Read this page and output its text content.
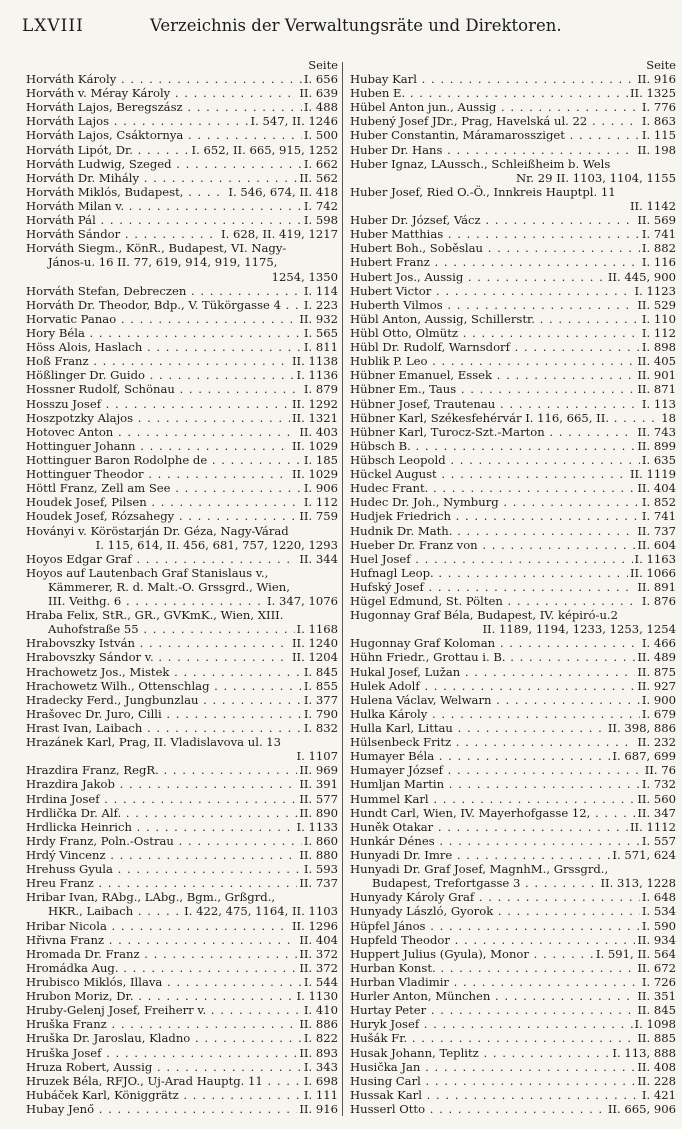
LXVIII	Verzeichnis der Verwaltungsräte und Direktoren.
Seite
Horváth Károly . . .	I. 656
Horváth v. Méray Károly . . .	II. 639
Horváth Lajos, Beregszász . . .	I. 488
Horváth Lajos . . .	I. 547, II. 1246
Horváth Lajos, Csáktornya . . .	I. 500
Horváth Lipót, Dr. . . .	I. 652, II. 665, 915, 1252
Horváth Ludwig, Szeged . . .	I. 662
Horváth Dr. Mihály . . .	II. 562
Horváth Miklós, Budapest, . . .	I. 546, 674, II. 418
Horváth Milan v. . . .	I. 742
Horváth Pál . . .	I. 598
Horváth Sándor . . .	I. 628, II. 419, 1217
Horváth Siegm., KönR., Budapest, VI. Nagy-
János-u. 16 II. 77, 619, 914, 919, 1175,
1254, 1350
Horváth Stefan, Debreczen . . .	I. 114
Horváth Dr. Theodor, Bdp., V. Tükörgasse 4 . . .	I. 223
Horvatic Panao . . .	II. 932
Hory Béla . . .	I. 565
Höss Alois, Haslach . . .	I. 811
Hoß Franz . . .	II. 1138
Hößlinger Dr. Guido . . .	I. 1136
Hossner Rudolf, Schönau . . .	I. 879
Hosszu Josef . . .	II. 1292
Hoszpotzky Alajos . . .	II. 1321
Hotovec Anton . . .	II. 403
Hottinguer Johann . . .	II. 1029
Hottinguer Baron Rodolphe de . . .	I. 185
Hottinguer Theodor . . .	II. 1029
Höttl Franz, Zell am See . . .	I. 906
Houdek Josef, Pilsen . . .	I. 112
Houdek Josef, Rózsahegy . . .	II. 759
Hoványi v. Köröstarján Dr. Géza, Nagy-Várad
I. 115, 614, II. 456, 681, 757, 1220, 1293
Hoyos Edgar Graf . . .	II. 344
Hoyos auf Lautenbach Graf Stanislaus v.,
Kämmerer, R. d. Malt.-O. Grssgrd., Wien,
III. Veithg. 6 . . .	I. 347, 1076
Hraba Felix, StR., GR., GVKmK., Wien, XIII.
Auhofstraße 55 . . .	I. 1168
Hrabovszky István . . .	II. 1240
Hrabovszky Sándor v. . . .	II. 1204
Hrachowetz Jos., Mistek . . .	I. 845
Hrachowetz Wilh., Ottenschlag . . .	I. 855
Hradecky Ferd., Jungbunzlau . . .	I. 377
Hrašovec Dr. Juro, Cilli . . .	I. 790
Hrast Ivan, Laibach . . .	I. 832
Hrazánek Karl, Prag, II. Vladislavova ul. 13
I. 1107
Hrazdira Franz, RegR. . . .	II. 969
Hrazdira Jakob . . .	II. 391
Hrdina Josef . . .	II. 577
Hrdlička Dr. Alf. . . .	II. 890
Hrdlicka Heinrich . . .	I. 1133
Hrdy Franz, Poln.-Ostrau . . .	I. 860
Hrdý Vincenz . . .	II. 880
Hrehuss Gyula . . .	I. 593
Hreu Franz . . .	II. 737
Hribar Ivan, RAbg., LAbg., Bgm., Grßgrd.,
HKR., Laibach . . .	I. 422, 475, 1164, II. 1103
Hribar Nicola . . .	II. 1296
Hřivna Franz . . .	II. 404
Hromada Dr. Franz . . .	II. 372
Hromádka Aug. . . .	II. 372
Hrubisco Miklós, Illava . . .	I. 544
Hrubon Moriz, Dr. . . .	I. 1130
Hruby-Gelenj Josef, Freiherr v. . . .	I. 410
Hruška Franz . . .	II. 886
Hruška Dr. Jaroslau, Kladno . . .	I. 822
Hruška Josef . . .	II. 893
Hruza Robert, Aussig . . .	I. 343
Hruzek Béla, RFJO., Uj-Arad Hauptg. 11 . . .	I. 698
Hubáček Karl, Königgrätz . . .	I. 111
Hubay Jenő . . .	II. 916
Seite
Hubay Karl . . .	II. 916
Huben E. . . .	II. 1325
Hübel Anton jun., Aussig . . .	I. 776
Hubený Josef JDr., Prag, Havelská ul. 22 . . .	I. 863
Huber Constantin, Máramarossziget . . .	I. 115
Huber Dr. Hans . . .	II. 198
Huber Ignaz, LAussch., Schleißheim b. Wels
Nr. 29 II. 1103, 1104, 1155
Huber Josef, Ried O.-Ö., Innkreis Hauptpl. 11
II. 1142
Huber Dr. József, Vácz . . .	II. 569
Huber Matthias . . .	I. 741
Hubert Boh., Soběslau . . .	I. 882
Hubert Franz . . .	I. 116
Hubert Jos., Aussig . . .	II. 445, 900
Hubert Victor . . .	I. 1123
Huberth Vilmos . . .	II. 529
Hübl Anton, Aussig, Schillerstr. . . .	I. 110
Hübl Otto, Olmütz . . .	I. 112
Hübl Dr. Rudolf, Warnsdorf . . .	I. 898
Hublik P. Leo . . .	II. 405
Hübner Emanuel, Essek . . .	II. 901
Hübner Em., Taus . . .	II. 871
Hübner Josef, Trautenau . . .	I. 113
Hübner Karl, Székesfehérvár I. 116, 665, II. . . .	18
Hübner Karl, Turocz-Szt.-Marton . . .	II. 743
Hübsch B. . . .	II. 899
Hübsch Leopold . . .	I. 635
Hückel August . . .	II. 1119
Hudec Frant. . . .	II. 404
Hudec Dr. Joh., Nymburg . . .	I. 852
Hudjek Friedrich . . .	I. 741
Hudnik Dr. Math. . . .	II. 737
Hueber Dr. Franz von . . .	II. 604
Huel Josef . . .	I. 1163
Hufnagl Leop. . . .	II. 1066
Hufský Josef . . .	II. 891
Hügel Edmund, St. Pölten . . .	I. 876
Hugonnay Graf Béla, Budapest, IV. képiró-u.2
II. 1189, 1194, 1233, 1253, 1254
Hugonnay Graf Koloman . . .	I. 466
Hühn Friedr., Grottau i. B. . . .	II. 489
Hukal Josef, Lužan . . .	II. 875
Hulek Adolf . . .	II. 927
Hulena Václav, Welwarn . . .	I. 900
Hulka Károly . . .	I. 679
Hulla Karl, Littau . . .	II. 398, 886
Hülsenbeck Fritz . . .	II. 232
Humayer Béla . . .	I. 687, 699
Humayer József . . .	II. 76
Humljan Martin . . .	I. 732
Hummel Karl . . .	II. 560
Hundt Carl, Wien, IV. Mayerhofgasse 12, . . .	II. 347
Huněk Otakar . . .	II. 1112
Hunkár Dénes . . .	I. 557
Hunyadi Dr. Imre . . .	I. 571, 624
Hunyadi Dr. Graf Josef, MagnhM., Grssgrd.,
Budapest, Trefortgasse 3 . . .	II. 313, 1228
Hunyady Károly Graf . . .	I. 648
Hunyady László, Gyorok . . .	I. 534
Hüpfel János . . .	I. 590
Hupfeld Theodor . . .	II. 934
Huppert Julius (Gyula), Monor . . .	I. 591, II. 564
Hurban Konst. . . .	II. 672
Hurban Vladimir . . .	I. 726
Hurler Anton, München . . .	II. 351
Hurtay Peter . . .	II. 845
Huryk Josef . . .	I. 1098
Hušák Fr. . . .	II. 885
Husak Johann, Teplitz . . .	I. 113, 888
Husička Jan . . .	II. 408
Husing Carl . . .	II. 228
Hussak Karl . . .	I. 421
Husserl Otto . . .	II. 665, 906
